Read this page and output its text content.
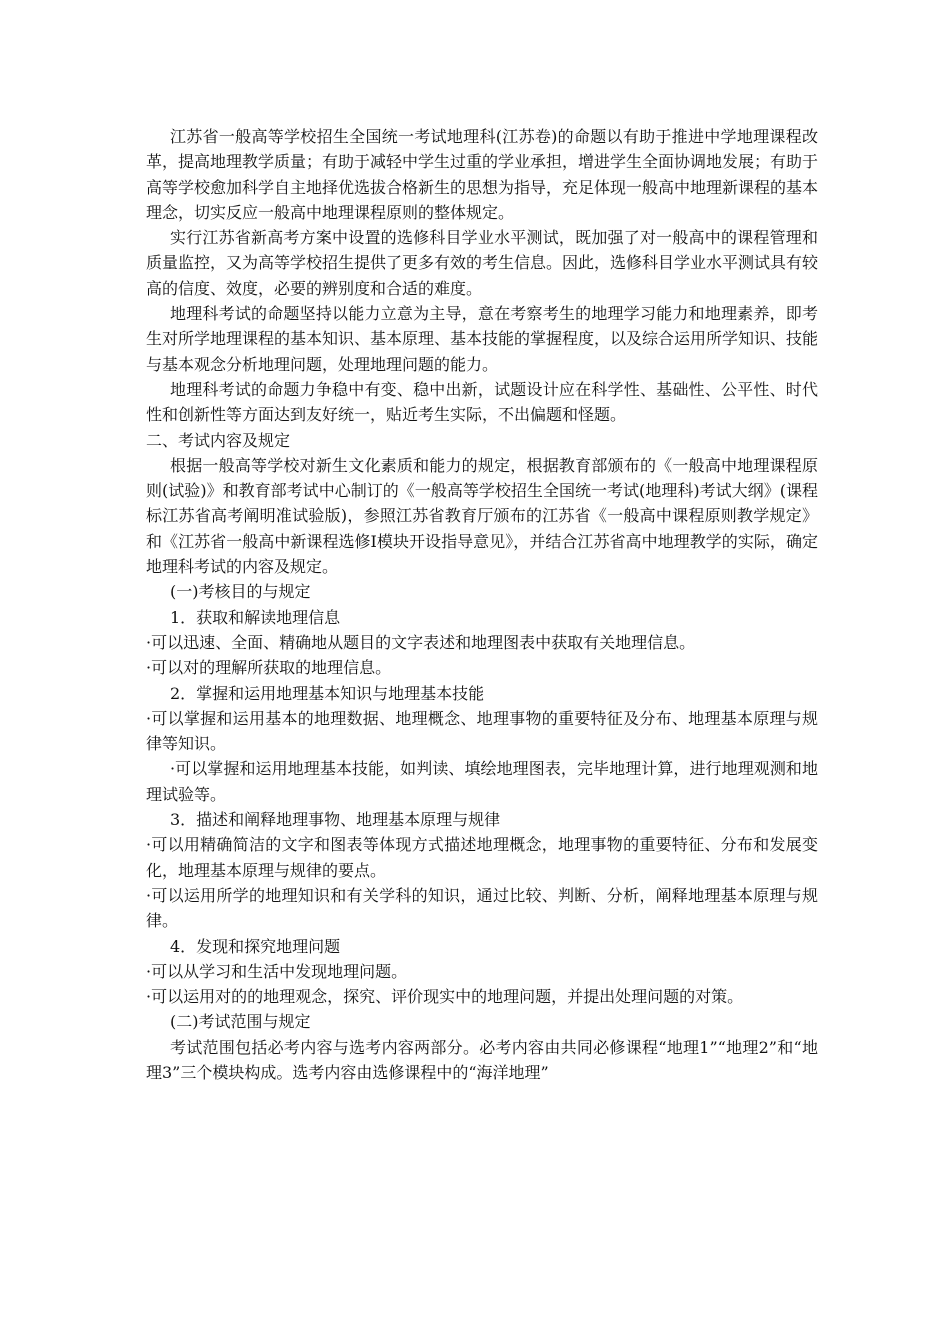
江苏省一般高等学校招生全国统一考试地理科(江苏卷)的命题以有助于推进中学地理课程改革，提高地理教学质量；有助于减轻中学生过重的学业承担，增进学生全面协调地发展；有助于高等学校愈加科学自主地择优选拔合格新生的思想为指导，充足体现一般高中地理新课程的基本理念，切实反应一般高中地理课程原则的整体规定。

实行江苏省新高考方案中设置的选修科目学业水平测试，既加强了对一般高中的课程管理和质量监控，又为高等学校招生提供了更多有效的考生信息。因此，选修科目学业水平测试具有较高的信度、效度，必要的辨别度和合适的难度。

地理科考试的命题坚持以能力立意为主导，意在考察考生的地理学习能力和地理素养，即考生对所学地理课程的基本知识、基本原理、基本技能的掌握程度，以及综合运用所学知识、技能与基本观念分析地理问题，处理地理问题的能力。

地理科考试的命题力争稳中有变、稳中出新，试题设计应在科学性、基础性、公平性、时代性和创新性等方面达到友好统一，贴近考生实际，不出偏题和怪题。

二、考试内容及规定

根据一般高等学校对新生文化素质和能力的规定，根据教育部颁布的《一般高中地理课程原则(试验)》和教育部考试中心制订的《一般高等学校招生全国统一考试(地理科)考试大纲》(课程标江苏省高考阐明准试验版)，参照江苏省教育厅颁布的江苏省《一般高中课程原则教学规定》和《江苏省一般高中新课程选修Ⅰ模块开设指导意见》，并结合江苏省高中地理教学的实际，确定地理科考试的内容及规定。

(一)考核目的与规定

1．获取和解读地理信息

·可以迅速、全面、精确地从题目的文字表述和地理图表中获取有关地理信息。

·可以对的理解所获取的地理信息。

2．掌握和运用地理基本知识与地理基本技能

·可以掌握和运用基本的地理数据、地理概念、地理事物的重要特征及分布、地理基本原理与规律等知识。

·可以掌握和运用地理基本技能，如判读、填绘地理图表，完毕地理计算，进行地理观测和地理试验等。

3．描述和阐释地理事物、地理基本原理与规律

·可以用精确简洁的文字和图表等体现方式描述地理概念，地理事物的重要特征、分布和发展变化，地理基本原理与规律的要点。

·可以运用所学的地理知识和有关学科的知识，通过比较、判断、分析，阐释地理基本原理与规律。

4．发现和探究地理问题

·可以从学习和生活中发现地理问题。

·可以运用对的的地理观念，探究、评价现实中的地理问题，并提出处理问题的对策。

(二)考试范围与规定

考试范围包括必考内容与选考内容两部分。必考内容由共同必修课程“地理1”“地理2”和“地理3”三个模块构成。选考内容由选修课程中的“海洋地理”
